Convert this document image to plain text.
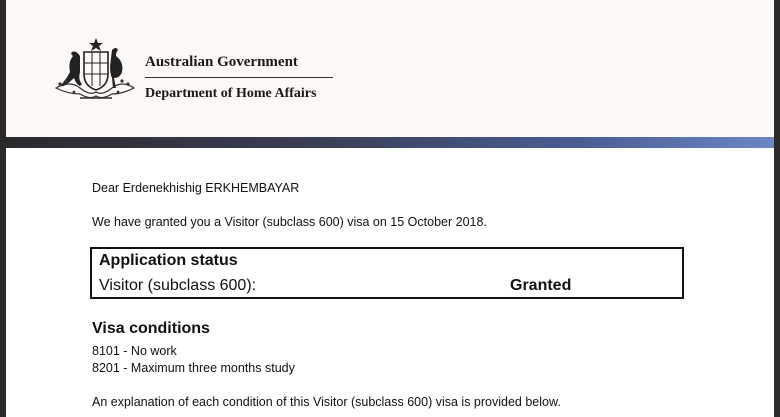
Australian Government
Department of Home Affairs
Dear Erdenekhishig ERKHEMBAYAR
We have granted you a Visitor (subclass 600) visa on 15 October 2018.
Application status
Visitor (subclass 600):	Granted
Visa conditions
8101 - No work
8201 - Maximum three months study
An explanation of each condition of this Visitor (subclass 600) visa is provided below.
